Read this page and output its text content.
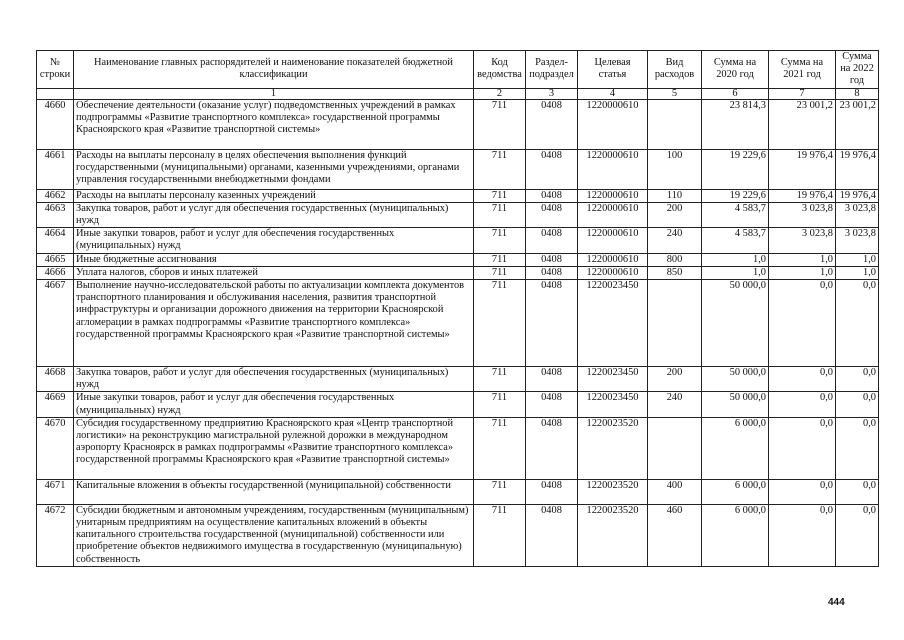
№ строки	Наименование главных распорядителей и наименование показателей бюджетной классификации	Код ведомства	Раздел-подраздел	Целевая статья	Вид расходов	Сумма на 2020 год	Сумма на 2021 год	Сумма на 2022 год
	1	2	3	4	5	6	7	8
4660	Обеспечение деятельности (оказание услуг) подведомственных учреждений в рамках подпрограммы «Развитие транспортного комплекса» государственной программы Красноярского края «Развитие транспортной системы»	711	0408	1220000610		23 814,3	23 001,2	23 001,2
4661	Расходы на выплаты персоналу в целях обеспечения выполнения функций государственными (муниципальными) органами, казенными учреждениями, органами управления государственными внебюджетными фондами	711	0408	1220000610	100	19 229,6	19 976,4	19 976,4
4662	Расходы на выплаты персоналу казенных учреждений	711	0408	1220000610	110	19 229,6	19 976,4	19 976,4
4663	Закупка товаров, работ и услуг для обеспечения государственных (муниципальных) нужд	711	0408	1220000610	200	4 583,7	3 023,8	3 023,8
4664	Иные закупки товаров, работ и услуг для обеспечения государственных (муниципальных) нужд	711	0408	1220000610	240	4 583,7	3 023,8	3 023,8
4665	Иные бюджетные ассигнования	711	0408	1220000610	800	1,0	1,0	1,0
4666	Уплата налогов, сборов и иных платежей	711	0408	1220000610	850	1,0	1,0	1,0
4667	Выполнение научно-исследовательской работы по актуализации комплекта документов транспортного планирования и обслуживания населения, развития транспортной инфраструктуры и организации дорожного движения на территории Красноярской агломерации в рамках подпрограммы «Развитие транспортного комплекса» государственной программы Красноярского края «Развитие транспортной системы»	711	0408	1220023450		50 000,0	0,0	0,0
4668	Закупка товаров, работ и услуг для обеспечения государственных (муниципальных) нужд	711	0408	1220023450	200	50 000,0	0,0	0,0
4669	Иные закупки товаров, работ и услуг для обеспечения государственных (муниципальных) нужд	711	0408	1220023450	240	50 000,0	0,0	0,0
4670	Субсидия государственному предприятию Красноярского края «Центр транспортной логистики» на реконструкцию магистральной рулежной дорожки в международном аэропорту Красноярск в рамках подпрограммы «Развитие транспортного комплекса» государственной программы Красноярского края «Развитие транспортной системы»	711	0408	1220023520		6 000,0	0,0	0,0
4671	Капитальные вложения в объекты государственной (муниципальной) собственности	711	0408	1220023520	400	6 000,0	0,0	0,0
4672	Субсидии бюджетным и автономным учреждениям, государственным (муниципальным) унитарным предприятиям на осуществление капитальных вложений в объекты капитального строительства государственной (муниципальной) собственности или приобретение объектов недвижимого имущества в государственную (муниципальную) собственность	711	0408	1220023520	460	6 000,0	0,0	0,0
444
